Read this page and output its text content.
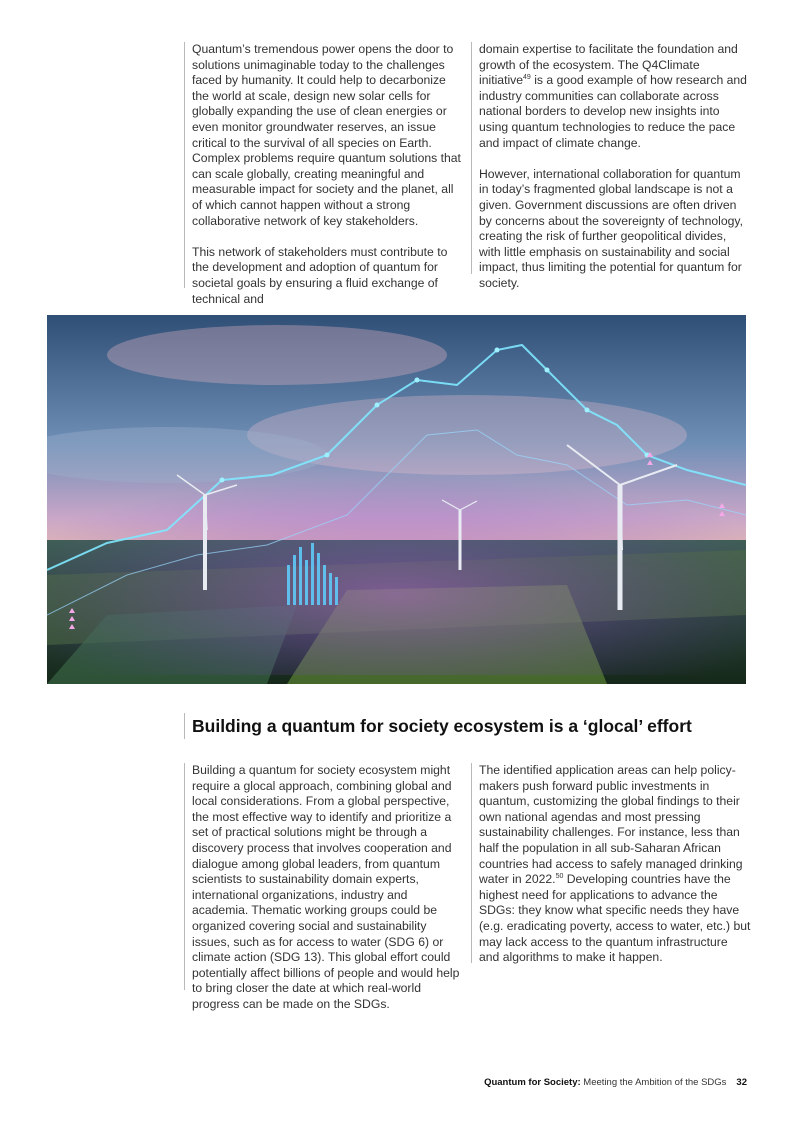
Quantum’s tremendous power opens the door to solutions unimaginable today to the challenges faced by humanity. It could help to decarbonize the world at scale, design new solar cells for globally expanding the use of clean energies or even monitor groundwater reserves, an issue critical to the survival of all species on Earth. Complex problems require quantum solutions that can scale globally, creating meaningful and measurable impact for society and the planet, all of which cannot happen without a strong collaborative network of key stakeholders.

This network of stakeholders must contribute to the development and adoption of quantum for societal goals by ensuring a fluid exchange of technical and

domain expertise to facilitate the foundation and growth of the ecosystem. The Q4Climate initiative$^{49}$ is a good example of how research and industry communities can collaborate across national borders to develop new insights into using quantum technologies to reduce the pace and impact of climate change.

However, international collaboration for quantum in today’s fragmented global landscape is not a given. Government discussions are often driven by concerns about the sovereignty of technology, creating the risk of further geopolitical divides, with little emphasis on sustainability and social impact, thus limiting the potential for quantum for society.

Building a quantum for society ecosystem is a ‘glocal’ effort

Building a quantum for society ecosystem might require a glocal approach, combining global and local considerations. From a global perspective, the most effective way to identify and prioritize a set of practical solutions might be through a discovery process that involves cooperation and dialogue among global leaders, from quantum scientists to sustainability domain experts, international organizations, industry and academia. Thematic working groups could be organized covering social and sustainability issues, such as for access to water (SDG 6) or climate action (SDG 13). This global effort could potentially affect billions of people and would help to bring closer the date at which real-world progress can be made on the SDGs.

The identified application areas can help policy-makers push forward public investments in quantum, customizing the global findings to their own national agendas and most pressing sustainability challenges. For instance, less than half the population in all sub-Saharan African countries had access to safely managed drinking water in 2022.50 Developing countries have the highest need for applications to advance the SDGs: they know what specific needs they have (e.g. eradicating poverty, access to water, etc.) but may lack access to the quantum infrastructure and algorithms to make it happen.

Quantum for Society: Meeting the Ambition of the SDGs 32
